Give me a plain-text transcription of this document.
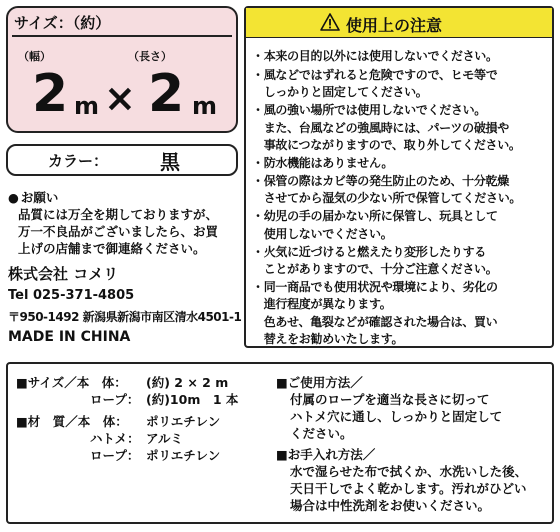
サイズ：（約）
（幅）	（長さ）
2 m × 2 m
カラー：	黒
● お願い
品質には万全を期しておりますが、
万一不良品がございましたら、お買
上げの店舗まで御連絡ください。
株式会社 コメリ
Tel 025-371-4805
〒950-1492 新潟県新潟市南区清水4501-1
MADE IN CHINA
使用上の注意
・本来の目的以外には使用しないでください。
・風などではずれると危険ですので、ヒモ等で
　しっかりと固定してください。
・風の強い場所では使用しないでください。
　また、台風などの強風時には、パーツの破損や
　事故につながりますので、取り外してください。
・防水機能はありません。
・保管の際はカビ等の発生防止のため、十分乾燥
　させてから湿気の少ない所で保管してください。
・幼児の手の届かない所に保管し、玩具として
　使用しないでください。
・火気に近づけると燃えたり変形したりする
　ことがありますので、十分ご注意ください。
・同一商品でも使用状況や環境により、劣化の
　進行程度が異なります。
　色あせ、亀裂などが確認された場合は、買い
　替えをお勧めいたします。
■サイズ／本　体： (約) 2 × 2 m
ロープ： (約)10m　1 本
■材　質／本　体： ポリエチレン
ハトメ： アルミ
ロープ： ポリエチレン
■ご使用方法／
付属のロープを適当な長さに切って
ハトメ穴に通し、しっかりと固定して
ください。
■お手入れ方法／
水で湿らせた布で拭くか、水洗いした後、
天日干しでよく乾かします。汚れがひどい
場合は中性洗剤をお使いください。
